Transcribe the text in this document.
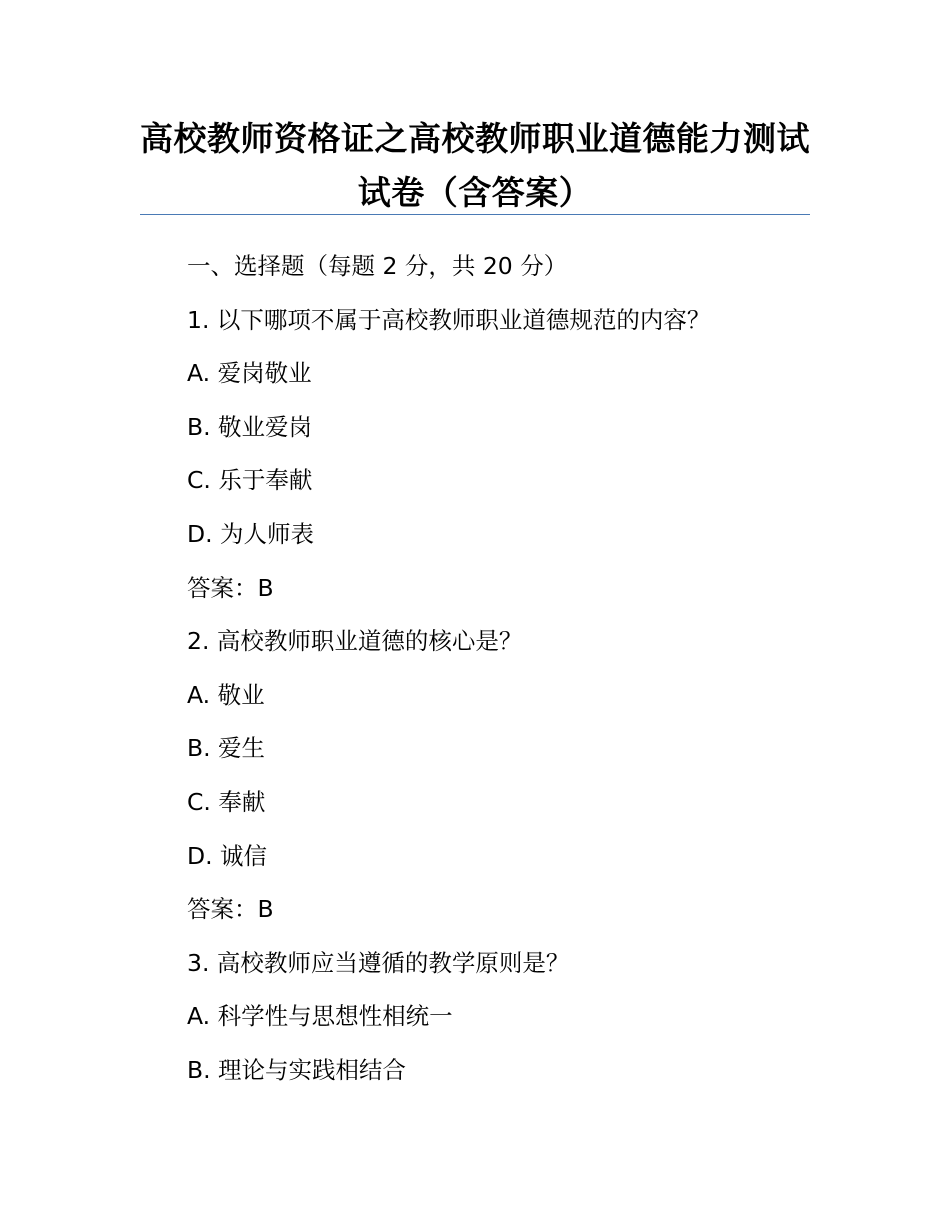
高校教师资格证之高校教师职业道德能力测试试卷（含答案）
一、选择题（每题 2 分，共 20 分）
1. 以下哪项不属于高校教师职业道德规范的内容？
A. 爱岗敬业
B. 敬业爱岗
C. 乐于奉献
D. 为人师表
答案：B
2. 高校教师职业道德的核心是？
A. 敬业
B. 爱生
C. 奉献
D. 诚信
答案：B
3. 高校教师应当遵循的教学原则是？
A. 科学性与思想性相统一
B. 理论与实践相结合
